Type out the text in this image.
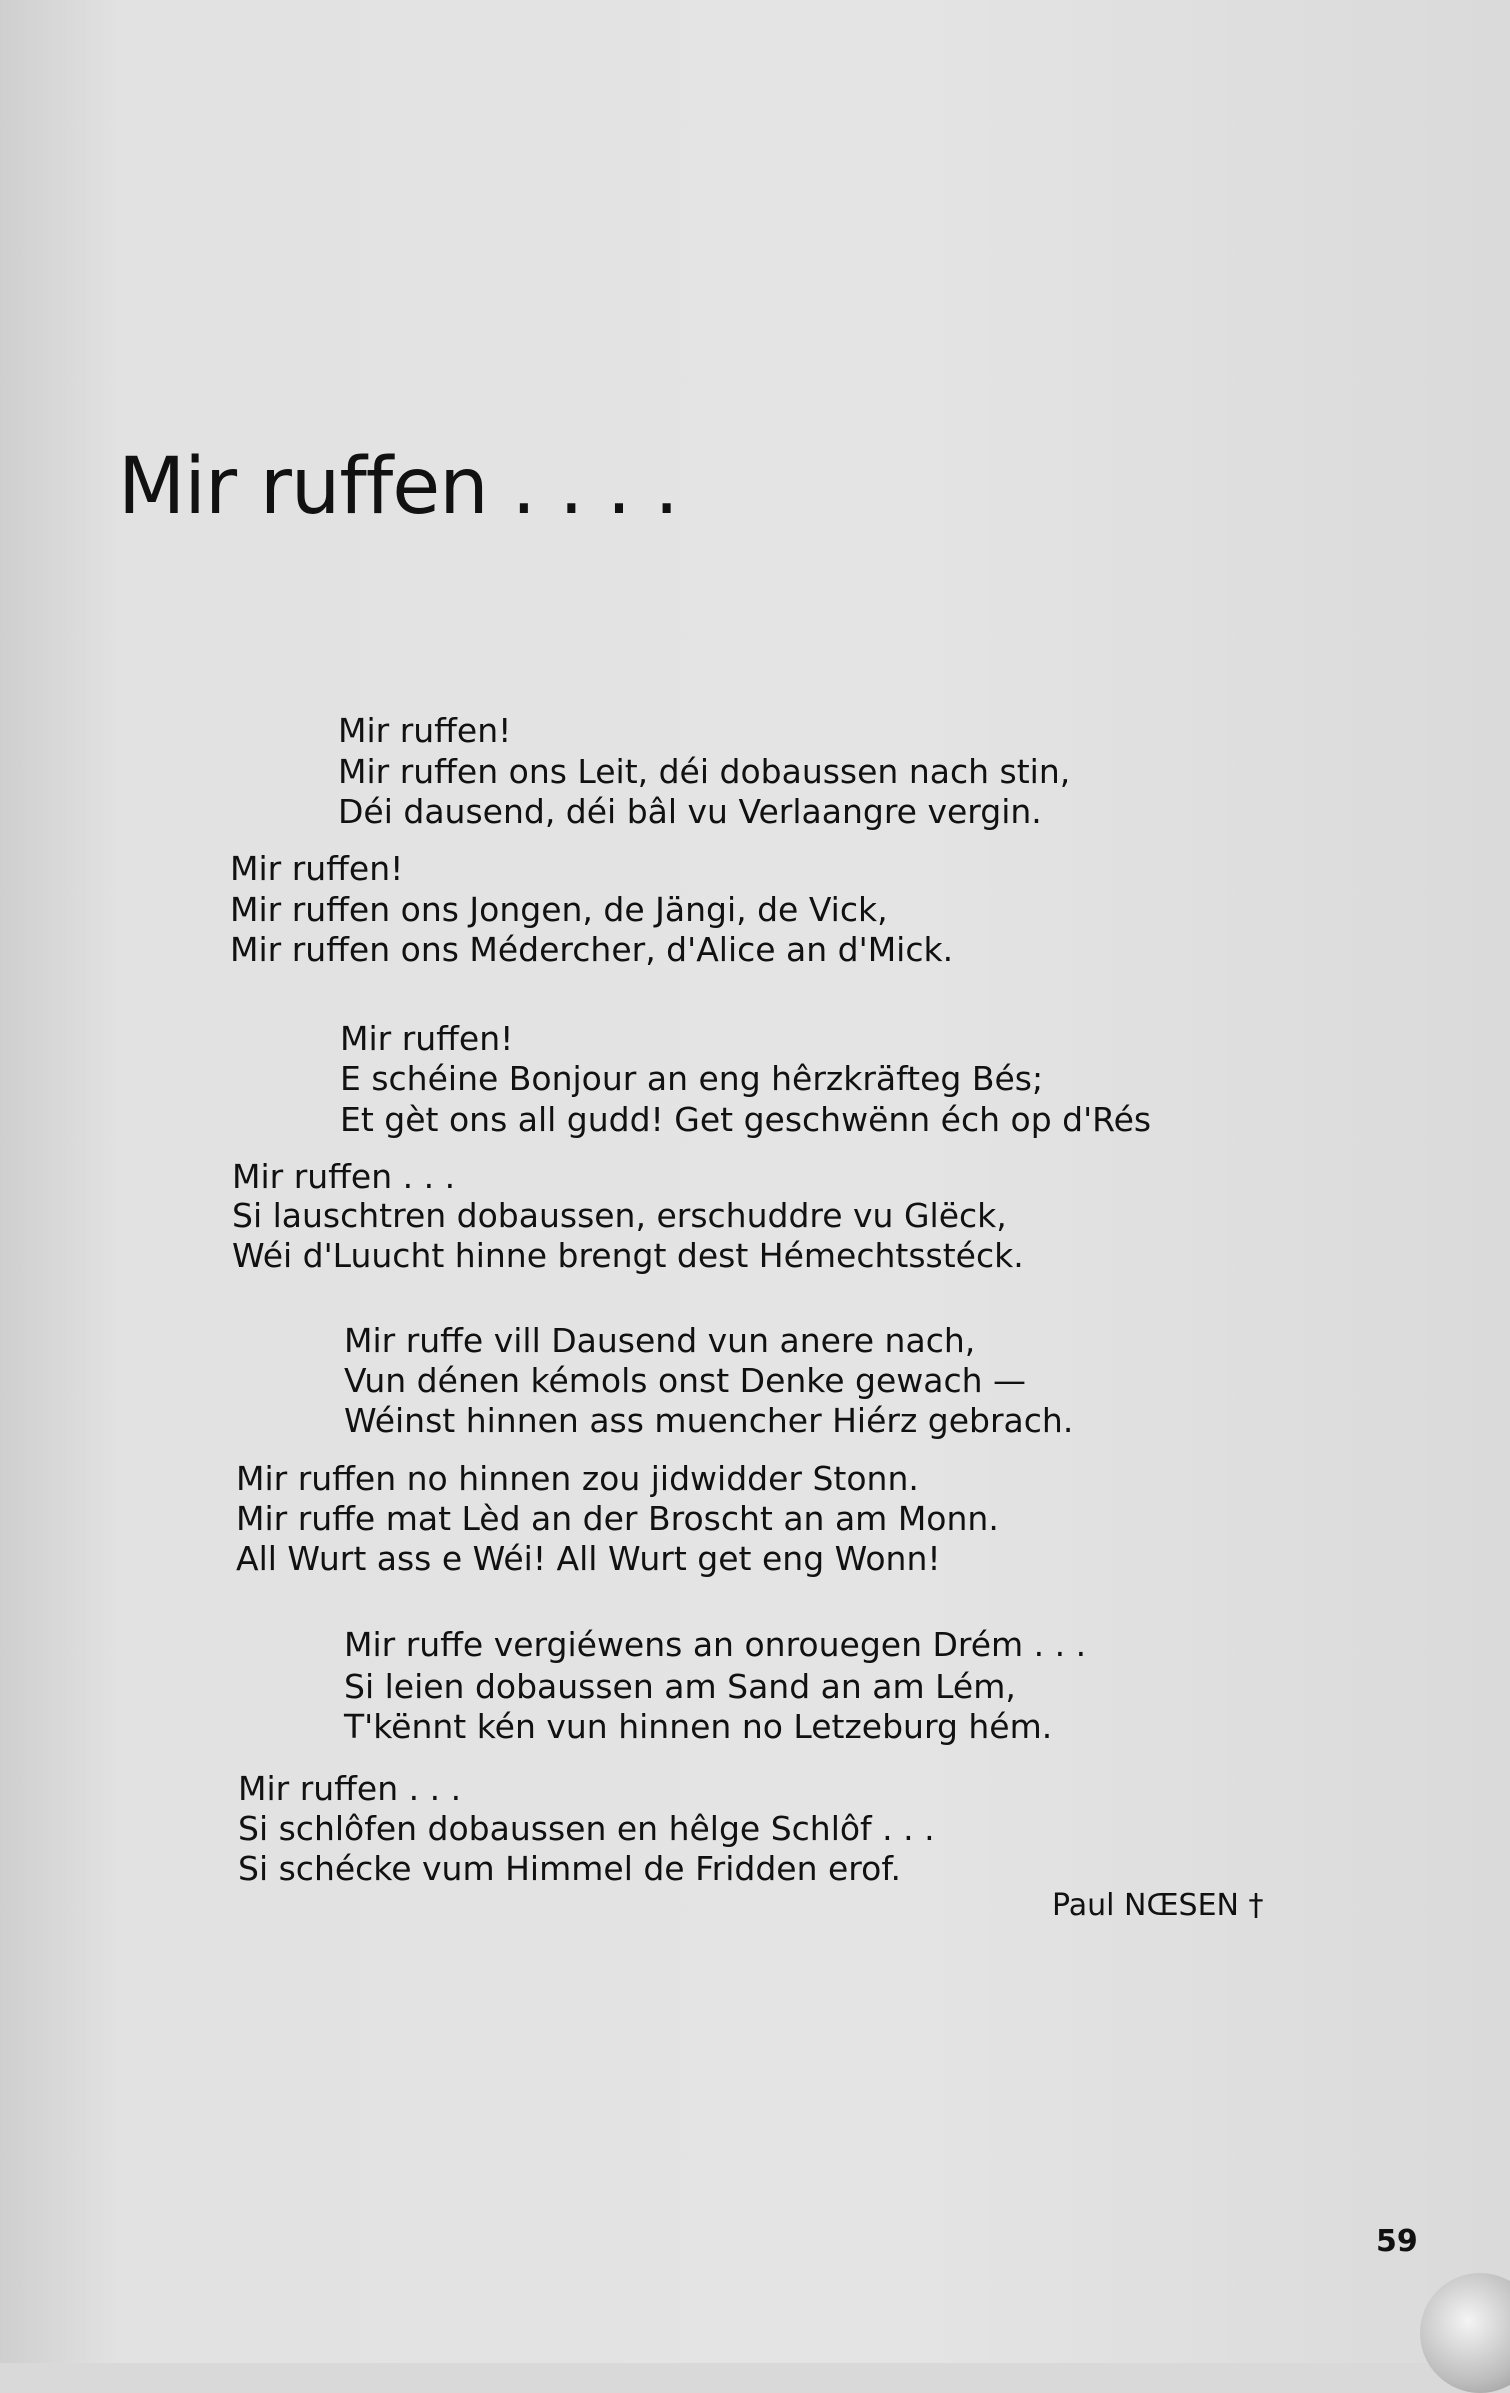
Mir ruffen . . . .
Mir ruffen!
Mir ruffen ons Leit, déi dobaussen nach stin,
Déi dausend, déi bâl vu Verlaangre vergin.
Mir ruffen!
Mir ruffen ons Jongen, de Jängi, de Vick,
Mir ruffen ons Médercher, d'Alice an d'Mick.
Mir ruffen!
E schéine Bonjour an eng hêrzkräfteg Bés;
Et gèt ons all gudd! Get geschwënn éch op d'Rés
Mir ruffen . . .
Si lauschtren dobaussen, erschuddre vu Glëck,
Wéi d'Luucht hinne brengt dest Hémechtsstéck.
Mir ruffe vill Dausend vun anere nach,
Vun dénen kémols onst Denke gewach —
Wéinst hinnen ass muencher Hiérz gebrach.
Mir ruffen no hinnen zou jidwidder Stonn.
Mir ruffe mat Lèd an der Broscht an am Monn.
All Wurt ass e Wéi! All Wurt get eng Wonn!
Mir ruffe vergiéwens an onrouegen Drém . . .
Si leien dobaussen am Sand an am Lém,
T'kënnt kén vun hinnen no Letzeburg hém.
Mir ruffen . . .
Si schlôfen dobaussen en hêlge Schlôf . . .
Si schécke vum Himmel de Fridden erof.
Paul NŒSEN †
59
